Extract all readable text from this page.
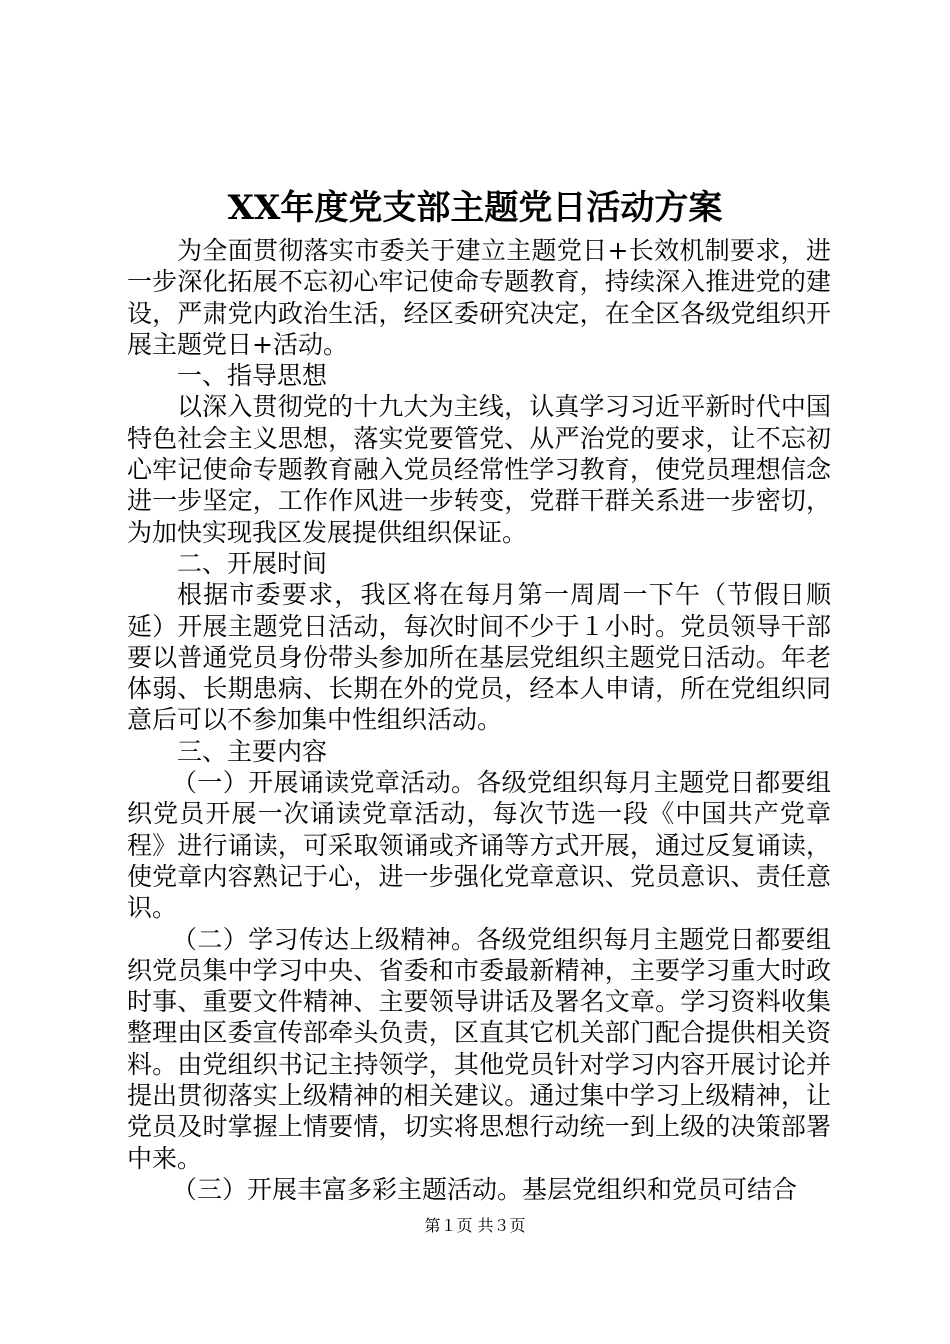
XX年度党支部主题党日活动方案

为全面贯彻落实市委关于建立主题党日+长效机制要求，进一步深化拓展不忘初心牢记使命专题教育，持续深入推进党的建设，严肃党内政治生活，经区委研究决定，在全区各级党组织开展主题党日+活动。

一、指导思想

以深入贯彻党的十九大为主线，认真学习习近平新时代中国特色社会主义思想，落实党要管党、从严治党的要求，让不忘初心牢记使命专题教育融入党员经常性学习教育，使党员理想信念进一步坚定，工作作风进一步转变，党群干群关系进一步密切，为加快实现我区发展提供组织保证。

二、开展时间

根据市委要求，我区将在每月第一周周一下午（节假日顺延）开展主题党日活动，每次时间不少于１小时。党员领导干部要以普通党员身份带头参加所在基层党组织主题党日活动。年老体弱、长期患病、长期在外的党员，经本人申请，所在党组织同意后可以不参加集中性组织活动。

三、主要内容

（一）开展诵读党章活动。各级党组织每月主题党日都要组织党员开展一次诵读党章活动，每次节选一段《中国共产党章程》进行诵读，可采取领诵或齐诵等方式开展，通过反复诵读，使党章内容熟记于心，进一步强化党章意识、党员意识、责任意识。

（二）学习传达上级精神。各级党组织每月主题党日都要组织党员集中学习中央、省委和市委最新精神，主要学习重大时政时事、重要文件精神、主要领导讲话及署名文章。学习资料收集整理由区委宣传部牵头负责，区直其它机关部门配合提供相关资料。由党组织书记主持领学，其他党员针对学习内容开展讨论并提出贯彻落实上级精神的相关建议。通过集中学习上级精神，让党员及时掌握上情要情，切实将思想行动统一到上级的决策部署中来。

（三）开展丰富多彩主题活动。基层党组织和党员可结合

第１页 共３页
